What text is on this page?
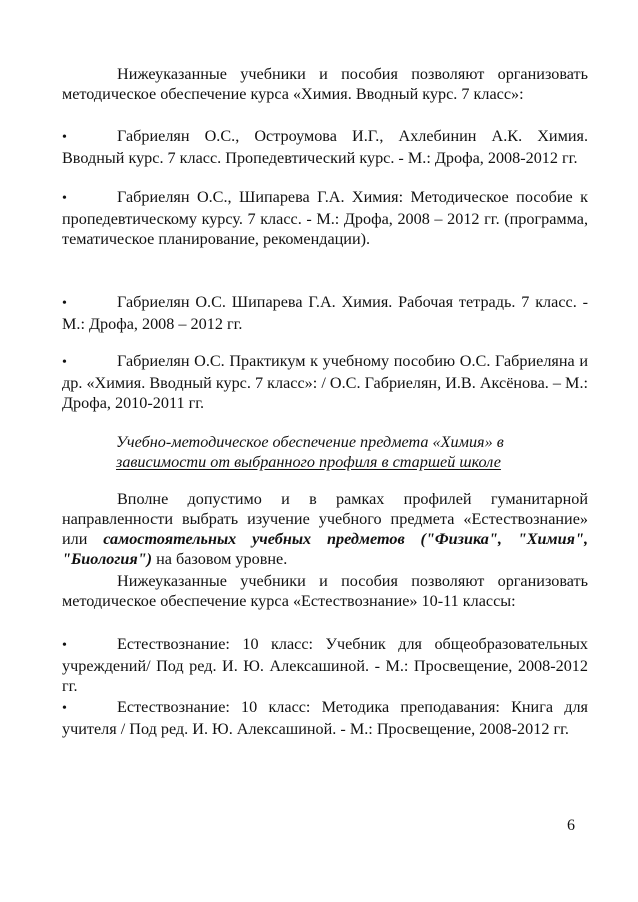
Нижеуказанные учебники и пособия позволяют организовать методическое обеспечение курса «Химия. Вводный курс. 7 класс»:

•	Габриелян О.С., Остроумова И.Г., Ахлебинин А.К. Химия. Вводный курс. 7 класс. Пропедевтический курс. - М.: Дрофа, 2008-2012 гг.

•	Габриелян О.С., Шипарева Г.А. Химия: Методическое пособие к пропедевтическому курсу. 7 класс. - М.: Дрофа, 2008 – 2012 гг. (программа, тематическое планирование, рекомендации).

•	Габриелян О.С. Шипарева Г.А. Химия. Рабочая тетрадь. 7 класс. - М.: Дрофа, 2008 – 2012 гг.

•	Габриелян О.С. Практикум к учебному пособию О.С. Габриеляна и др. «Химия. Вводный курс. 7 класс»: / О.С. Габриелян, И.В. Аксёнова. – М.: Дрофа, 2010-2011 гг.

Учебно-методическое обеспечение предмета «Химия» в
зависимости от выбранного профиля в старшей школе

Вполне допустимо и в рамках профилей гуманитарной направленности выбрать изучение учебного предмета «Естествознание» или самостоятельных учебных предметов ("Физика", "Химия", "Биология") на базовом уровне.

Нижеуказанные учебники и пособия позволяют организовать методическое обеспечение курса «Естествознание» 10-11 классы:

•	Естествознание: 10 класс: Учебник для общеобразовательных учреждений/ Под ред. И. Ю. Алексашиной. - М.: Просвещение, 2008-2012 гг.

•	Естествознание: 10 класс: Методика преподавания: Книга для учителя / Под ред. И. Ю. Алексашиной. - М.: Просвещение, 2008-2012 гг.

6
